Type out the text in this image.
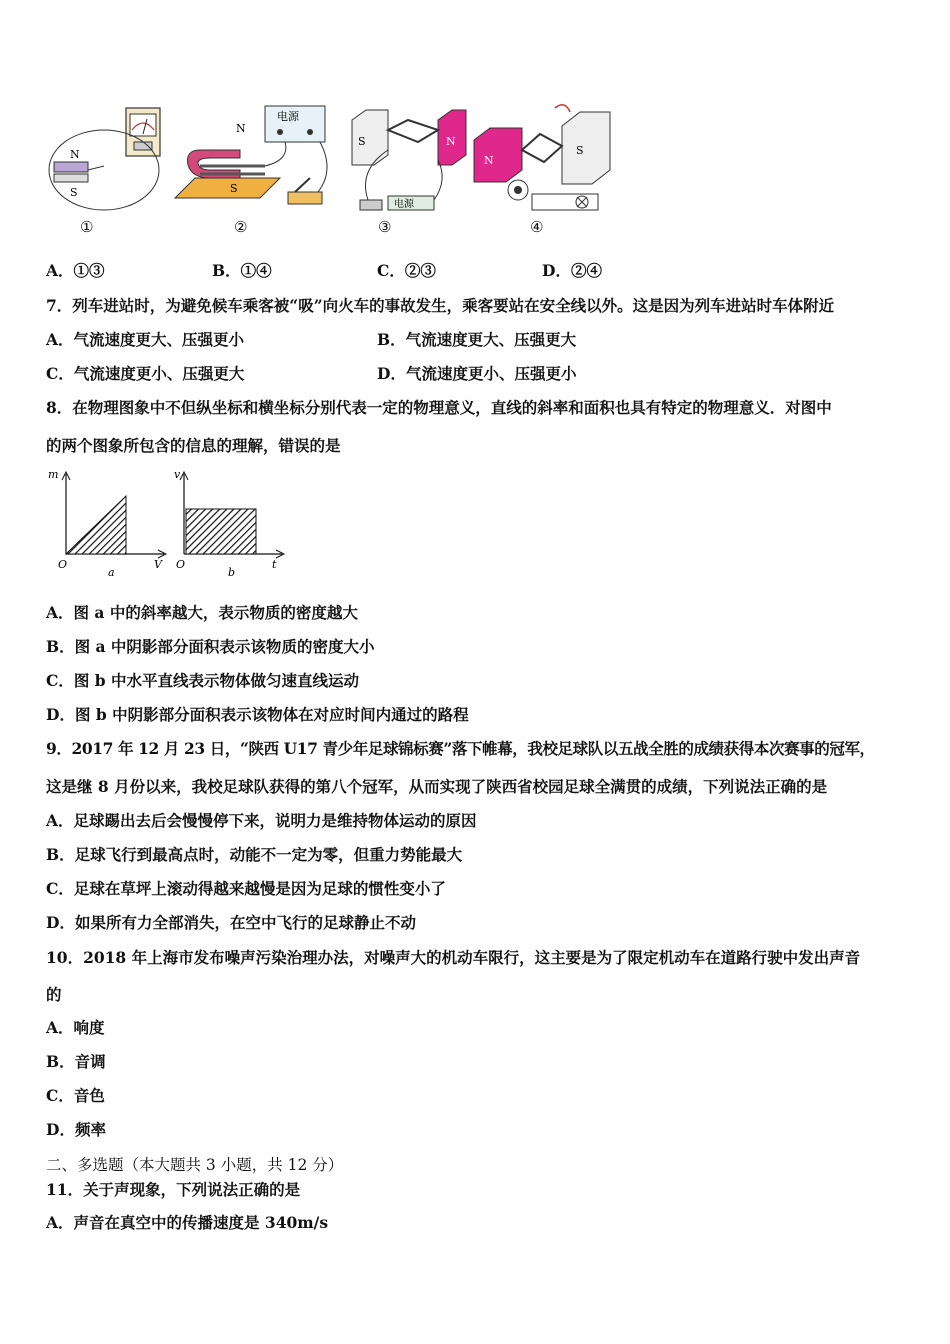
N
S
电源
N
S
S	N
电源
N
S
①	②	③	④
A．①③	B．①④	C．②③	D．②④
7．列车进站时，为避免候车乘客被“吸”向火车的事故发生，乘客要站在安全线以外。这是因为列车进站时车体附近
A．气流速度更大、压强更小	B．气流速度更大、压强更大
C．气流速度更小、压强更大	D．气流速度更小、压强更小
8．在物理图象中不但纵坐标和横坐标分别代表一定的物理意义，直线的斜率和面积也具有特定的物理意义．对图中
的两个图象所包含的信息的理解，错误的是
m
V
O
a
v
t
O
b
A．图 a 中的斜率越大，表示物质的密度越大
B．图 a 中阴影部分面积表示该物质的密度大小
C．图 b 中水平直线表示物体做匀速直线运动
D．图 b 中阴影部分面积表示该物体在对应时间内通过的路程
9．2017 年 12 月 23 日，“陕西 U17 青少年足球锦标赛”落下帷幕，我校足球队以五战全胜的成绩获得本次赛事的冠军，
这是继 8 月份以来，我校足球队获得的第八个冠军，从而实现了陕西省校园足球全满贯的成绩，下列说法正确的是
A．足球踢出去后会慢慢停下来，说明力是维持物体运动的原因
B．足球飞行到最高点时，动能不一定为零，但重力势能最大
C．足球在草坪上滚动得越来越慢是因为足球的惯性变小了
D．如果所有力全部消失，在空中飞行的足球静止不动
10．2018 年上海市发布噪声污染治理办法，对噪声大的机动车限行，这主要是为了限定机动车在道路行驶中发出声音
的
A．响度
B．音调
C．音色
D．频率
二、多选题（本大题共 3 小题，共 12 分）
11．关于声现象，下列说法正确的是
A．声音在真空中的传播速度是 340m/s
